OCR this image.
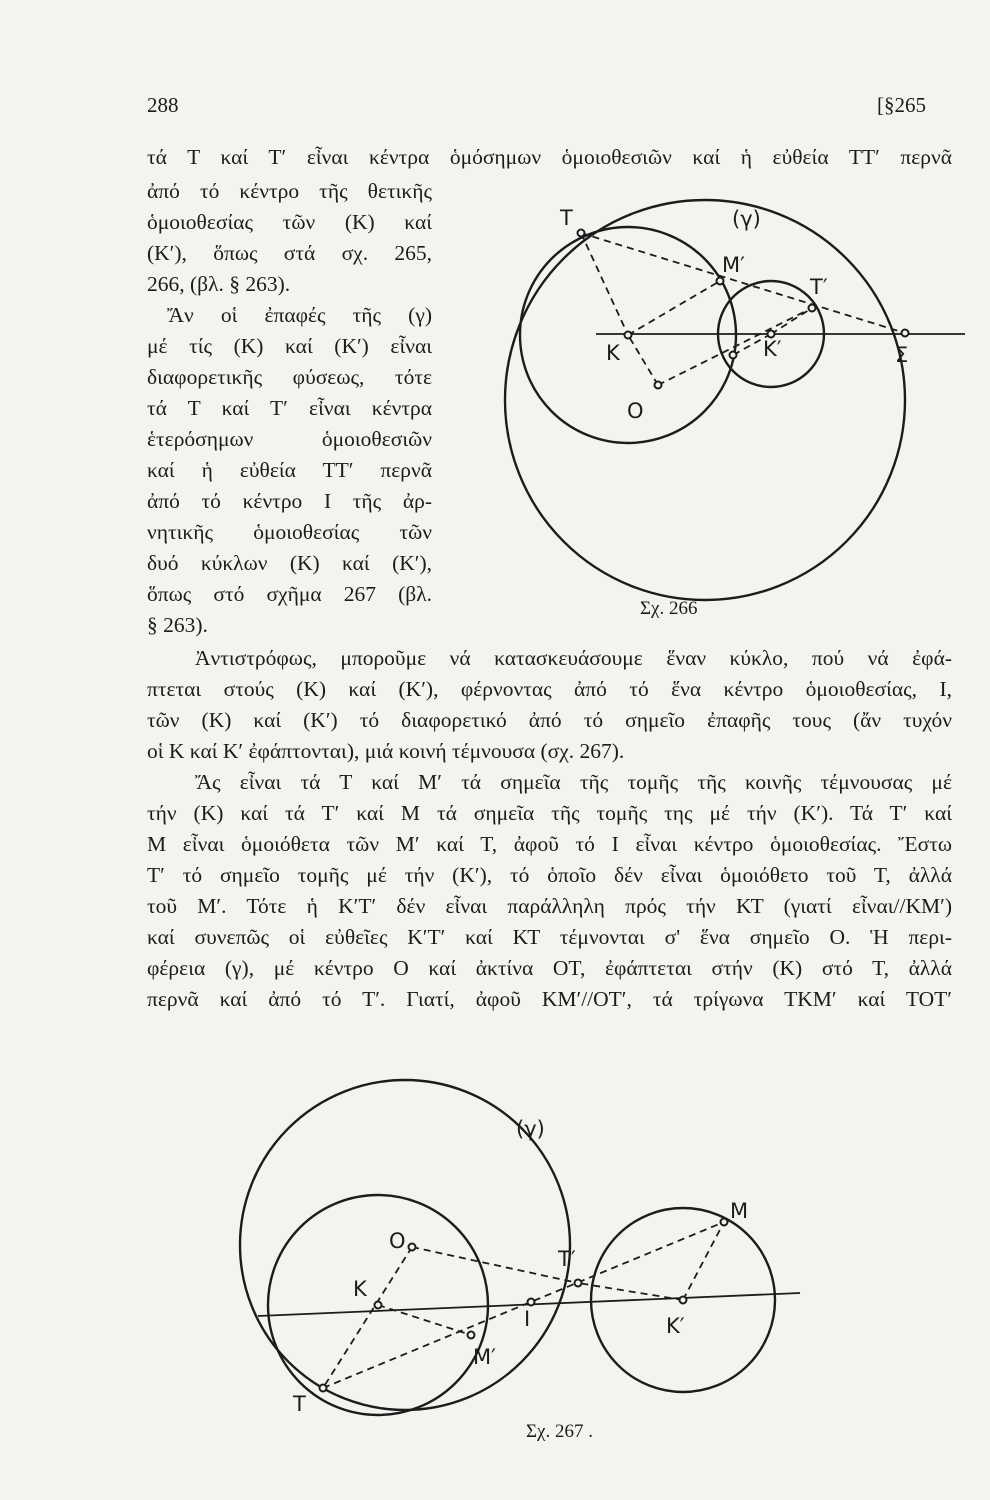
288	[§265
τά Τ καί Τ′ εἶναι κέντρα ὁμόσημων ὁμοιοθεσιῶν καί ἡ εὐθεία ΤΤ′ περνᾶ
ἀπό τό κέντρο τῆς θετικῆς
ὁμοιοθεσίας τῶν (Κ) καί
(Κ′), ὅπως στά σχ. 265,
266, (βλ. § 263).
Ἄν οἱ ἐπαφές τῆς (γ)
μέ τίς (Κ) καί (Κ′) εἶναι
διαφορετικῆς φύσεως, τότε
τά Τ καί Τ′ εἶναι κέντρα
ἑτερόσημων ὁμοιοθεσιῶν
καί ἡ εὐθεία ΤΤ′ περνᾶ
ἀπό τό κέντρο Ι τῆς ἀρ-
νητικῆς ὁμοιοθεσίας τῶν
δυό κύκλων (Κ) καί (Κ′),
ὅπως στό σχῆμα 267 (βλ.
§ 263).
Ἀντιστρόφως, μποροῦμε νά κατασκευάσουμε ἕναν κύκλο, πού νά ἐφά-
πτεται στούς (Κ) καί (Κ′), φέρνοντας ἀπό τό ἕνα κέντρο ὁμοιοθεσίας, Ι,
τῶν (Κ) καί (Κ′) τό διαφορετικό ἀπό τό σημεῖο ἐπαφῆς τους (ἄν τυχόν
οἱ Κ καί Κ′ ἐφάπτονται), μιά κοινή τέμνουσα (σχ. 267).
Ἄς εἶναι τά Τ καί Μ′ τά σημεῖα τῆς τομῆς τῆς κοινῆς τέμνουσας μέ
τήν (Κ) καί τά Τ′ καί Μ τά σημεῖα τῆς τομῆς της μέ τήν (Κ′). Τά Τ′ καί
Μ εἶναι ὁμοιόθετα τῶν Μ′ καί Τ, ἀφοῦ τό Ι εἶναι κέντρο ὁμοιοθεσίας. Ἔστω
Τ′ τό σημεῖο τομῆς μέ τήν (Κ′), τό ὁποῖο δέν εἶναι ὁμοιόθετο τοῦ Τ, ἀλλά
τοῦ Μ′. Τότε ἡ Κ′Τ′ δέν εἶναι παράλληλη πρός τήν ΚΤ (γιατί εἶναι//ΚΜ′)
καί συνεπῶς οἱ εὐθεῖες Κ′Τ′ καί ΚΤ τέμνονται σ' ἕνα σημεῖο Ο. Ἡ περι-
φέρεια (γ), μέ κέντρο Ο καί ἀκτίνα ΟΤ, ἐφάπτεται στήν (Κ) στό Τ, ἀλλά
περνᾶ καί ἀπό τό Τ′. Γιατί, ἀφοῦ ΚΜ′//ΟΤ′, τά τρίγωνα ΤΚΜ′ καί ΤΟΤ′
T	(γ)
M′
T′
K	K′	Σ
O
Σχ. 266
(γ)
M
O
T′
K
I
M′
K′
T
Σχ. 267 .
